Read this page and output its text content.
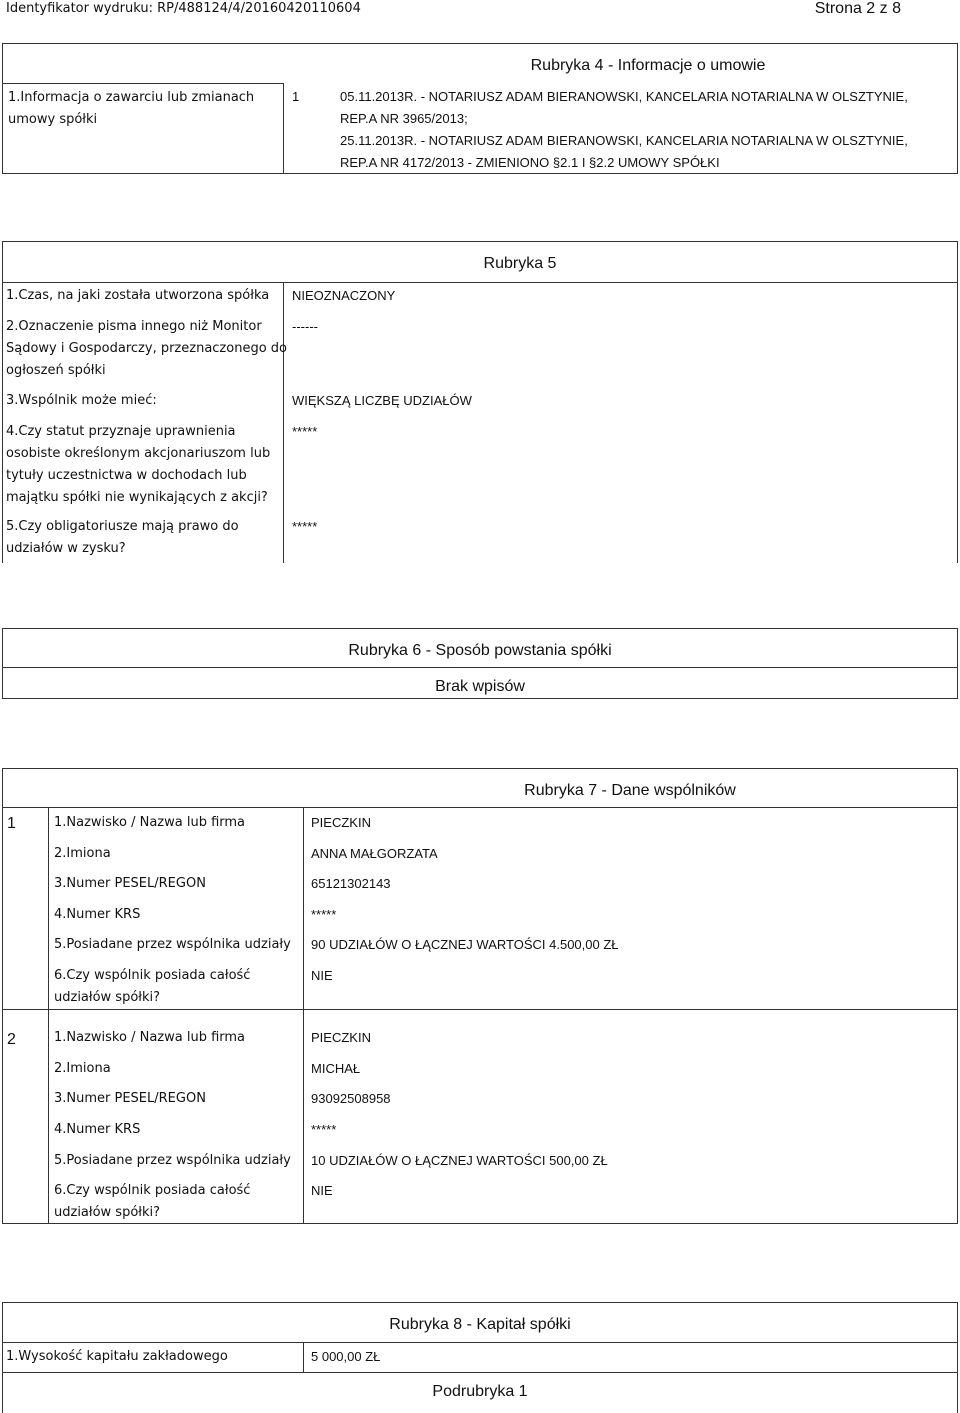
Identyfikator wydruku: RP/488124/4/20160420110604	Strona 2 z 8
Rubryka 4 - Informacje o umowie
1.Informacja o zawarciu lub zmianach
umowy spółki
1	05.11.2013R. - NOTARIUSZ ADAM BIERANOWSKI, KANCELARIA NOTARIALNA W OLSZTYNIE,
REP.A NR 3965/2013;
25.11.2013R. - NOTARIUSZ ADAM BIERANOWSKI, KANCELARIA NOTARIALNA W OLSZTYNIE,
REP.A NR 4172/2013 - ZMIENIONO §2.1 I §2.2 UMOWY SPÓŁKI
Rubryka 5
1.Czas, na jaki została utworzona spółka NIEOZNACZONY
2.Oznaczenie pisma innego niż Monitor
Sądowy i Gospodarczy, przeznaczonego do
ogłoszeń spółki
------
3.Wspólnik może mieć:	WIĘKSZĄ LICZBĘ UDZIAŁÓW
4.Czy statut przyznaje uprawnienia
osobiste określonym akcjonariuszom lub
tytuły uczestnictwa w dochodach lub
majątku spółki nie wynikających z akcji?
*****
5.Czy obligatoriusze mają prawo do
udziałów w zysku?
*****
Rubryka 6 - Sposób powstania spółki
Brak wpisów
Rubryka 7 - Dane wspólników
1	1.Nazwisko / Nazwa lub firma	PIECZKIN
2.Imiona	ANNA MAŁGORZATA
3.Numer PESEL/REGON	65121302143
4.Numer KRS	*****
5.Posiadane przez wspólnika udziały 90 UDZIAŁÓW O ŁĄCZNEJ WARTOŚCI 4.500,00 ZŁ
6.Czy wspólnik posiada całość
udziałów spółki?
NIE
2	1.Nazwisko / Nazwa lub firma	PIECZKIN
2.Imiona	MICHAŁ
3.Numer PESEL/REGON	93092508958
4.Numer KRS	*****
5.Posiadane przez wspólnika udziały 10 UDZIAŁÓW O ŁĄCZNEJ WARTOŚCI 500,00 ZŁ
6.Czy wspólnik posiada całość
udziałów spółki?
NIE
Rubryka 8 - Kapitał spółki
1.Wysokość kapitału zakładowego	5 000,00 ZŁ
Podrubryka 1
